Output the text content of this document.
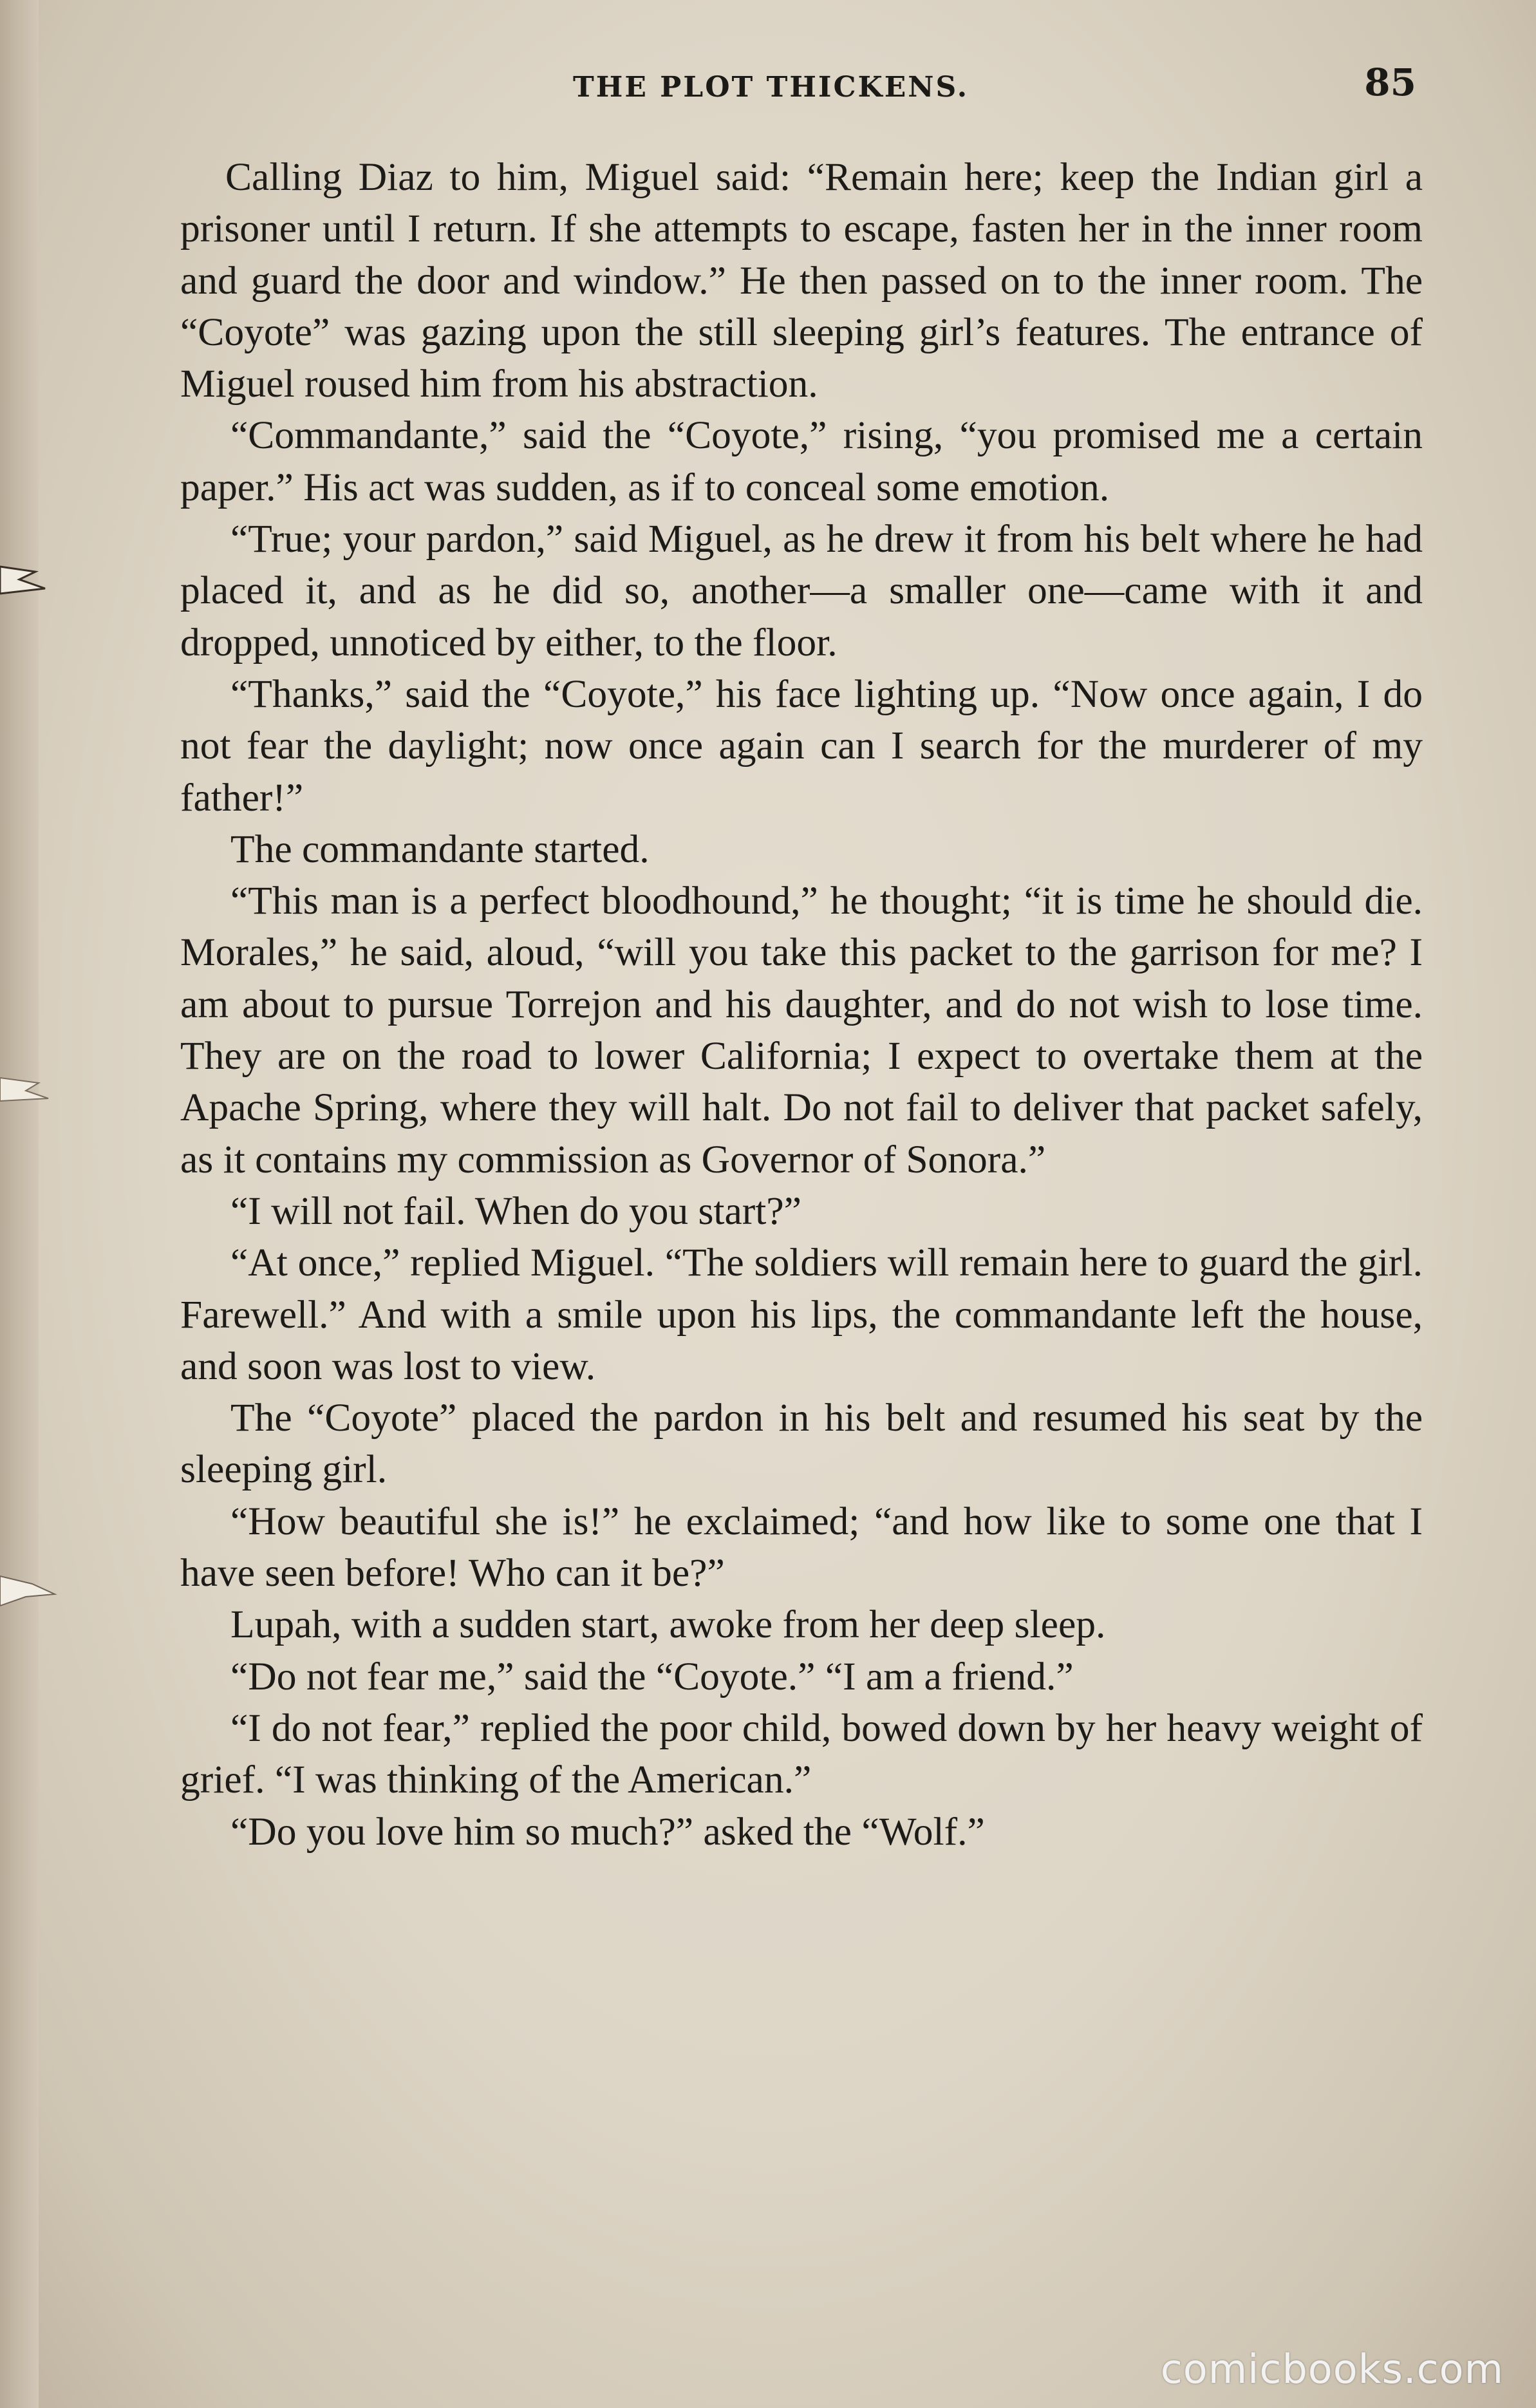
THE PLOT THICKENS.	85

Calling Diaz to him, Miguel said: “Remain here; keep the Indian girl a prisoner until I return. If she attempts to escape, fasten her in the inner room and guard the door and window.” He then passed on to the inner room. The “Coyote” was gazing upon the still sleeping girl’s features. The entrance of Miguel roused him from his abstraction.

“Commandante,” said the “Coyote,” rising, “you promised me a certain paper.” His act was sudden, as if to conceal some emotion.

“True; your pardon,” said Miguel, as he drew it from his belt where he had placed it, and as he did so, another—a smaller one—came with it and dropped, unnoticed by either, to the floor.

“Thanks,” said the “Coyote,” his face lighting up. “Now once again, I do not fear the daylight; now once again can I search for the murderer of my father!”

The commandante started.

“This man is a perfect bloodhound,” he thought; “it is time he should die. Morales,” he said, aloud, “will you take this packet to the garrison for me? I am about to pursue Torrejon and his daughter, and do not wish to lose time. They are on the road to lower California; I expect to overtake them at the Apache Spring, where they will halt. Do not fail to deliver that packet safely, as it contains my commission as Governor of Sonora.”

“I will not fail. When do you start?”

“At once,” replied Miguel. “The soldiers will remain here to guard the girl. Farewell.” And with a smile upon his lips, the commandante left the house, and soon was lost to view.

The “Coyote” placed the pardon in his belt and resumed his seat by the sleeping girl.

“How beautiful she is!” he exclaimed; “and how like to some one that I have seen before! Who can it be?”

Lupah, with a sudden start, awoke from her deep sleep.

“Do not fear me,” said the “Coyote.” “I am a friend.”

“I do not fear,” replied the poor child, bowed down by her heavy weight of grief. “I was thinking of the American.”

“Do you love him so much?” asked the “Wolf.”

comicbooks.com
